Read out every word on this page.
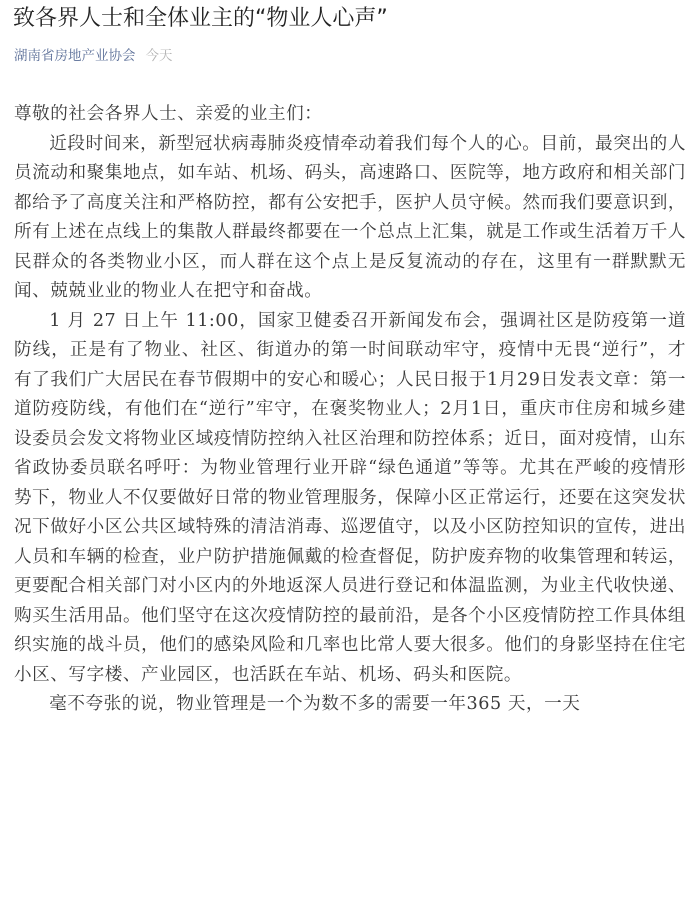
致各界人士和全体业主的“物业人心声”
湖南省房地产业协会 今天

尊敬的社会各界人士、亲爱的业主们：

近段时间来，新型冠状病毒肺炎疫情牵动着我们每个人的心。目前，最突出的人员流动和聚集地点，如车站、机场、码头，高速路口、医院等，地方政府和相关部门都给予了高度关注和严格防控，都有公安把手，医护人员守候。然而我们要意识到，所有上述在点线上的集散人群最终都要在一个总点上汇集，就是工作或生活着万千人民群众的各类物业小区，而人群在这个点上是反复流动的存在，这里有一群默默无闻、兢兢业业的物业人在把守和奋战。

1 月 27 日上午 11:00，国家卫健委召开新闻发布会，强调社区是防疫第一道防线，正是有了物业、社区、街道办的第一时间联动牢守，疫情中无畏“逆行”，才有了我们广大居民在春节假期中的安心和暖心；人民日报于1月29日发表文章：第一道防疫防线，有他们在“逆行”牢守，在褒奖物业人；2月1日，重庆市住房和城乡建设委员会发文将物业区域疫情防控纳入社区治理和防控体系；近日，面对疫情，山东省政协委员联名呼吁：为物业管理行业开辟“绿色通道”等等。尤其在严峻的疫情形势下，物业人不仅要做好日常的物业管理服务，保障小区正常运行，还要在这突发状况下做好小区公共区域特殊的清洁消毒、巡逻值守，以及小区防控知识的宣传，进出人员和车辆的检查，业户防护措施佩戴的检查督促，防护废弃物的收集管理和转运，更要配合相关部门对小区内的外地返深人员进行登记和体温监测，为业主代收快递、购买生活用品。他们坚守在这次疫情防控的最前沿，是各个小区疫情防控工作具体组织实施的战斗员，他们的感染风险和几率也比常人要大很多。他们的身影坚持在住宅小区、写字楼、产业园区，也活跃在车站、机场、码头和医院。

毫不夸张的说，物业管理是一个为数不多的需要一年365 天，一天
